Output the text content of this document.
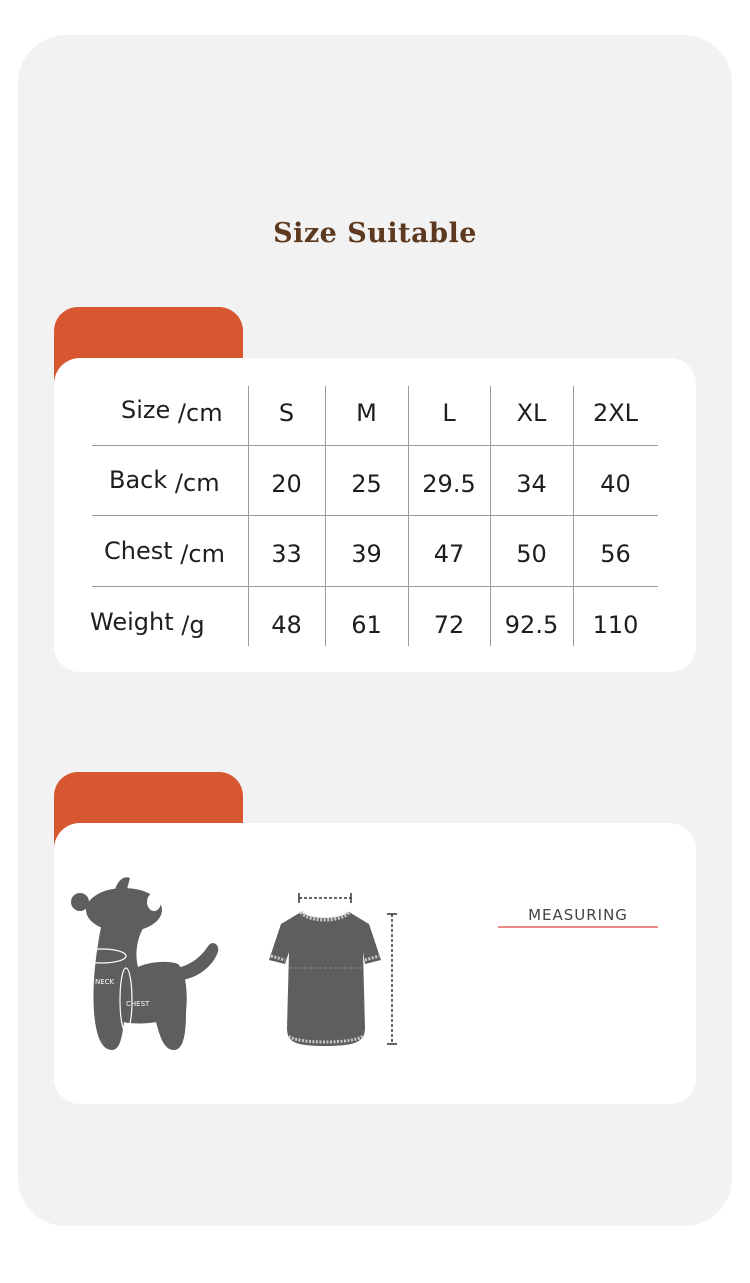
Size Suitable
Size /cm	S	M	L	XL	2XL
Back /cm	20	25	29.5	34	40
Chest /cm	33	39	47	50	56
Weight /g	48	61	72	92.5	110
NECK
CHEST
MEASURING
